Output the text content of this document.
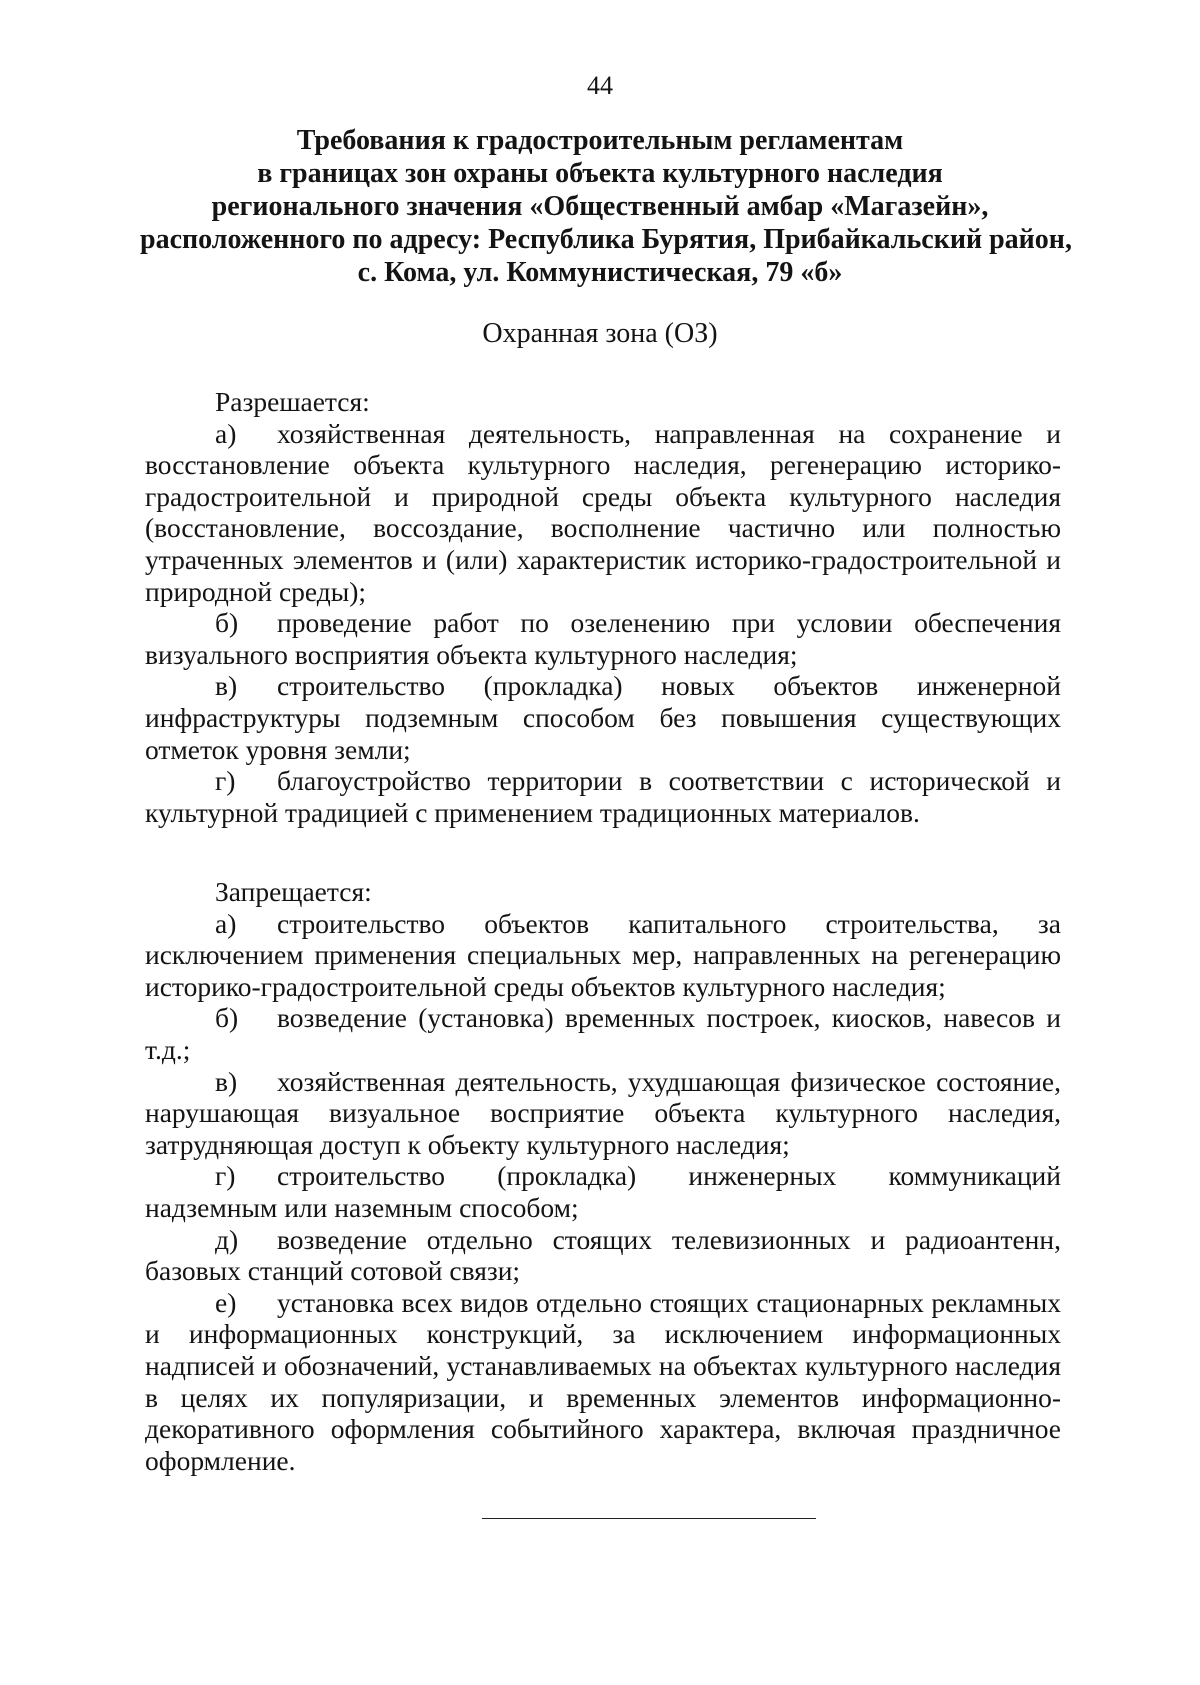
44
Требования к градостроительным регламентам
в границах зон охраны объекта культурного наследия
регионального значения «Общественный амбар «Магазейн»,
расположенного по адресу: Республика Бурятия, Прибайкальский район,
с. Кома, ул. Коммунистическая, 79 «б»
Охранная зона (ОЗ)
Разрешается:

а) хозяйственная деятельность, направленная на сохранение и восстановление объекта культурного наследия, регенерацию историко-градостроительной и природной среды объекта культурного наследия (восстановление, воссоздание, восполнение частично или полностью утраченных элементов и (или) характеристик историко-градостроительной и природной среды);

б) проведение работ по озеленению при условии обеспечения визуального восприятия объекта культурного наследия;

в) строительство (прокладка) новых объектов инженерной инфраструктуры подземным способом без повышения существующих отметок уровня земли;

г) благоустройство территории в соответствии с исторической и культурной традицией с применением традиционных материалов.

Запрещается:

а) строительство объектов капитального строительства, за исключением применения специальных мер, направленных на регенерацию историко-градостроительной среды объектов культурного наследия;

б) возведение (установка) временных построек, киосков, навесов и т.д.;

в) хозяйственная деятельность, ухудшающая физическое состояние, нарушающая визуальное восприятие объекта культурного наследия, затрудняющая доступ к объекту культурного наследия;

г) строительство (прокладка) инженерных коммуникаций надземным или наземным способом;

д) возведение отдельно стоящих телевизионных и радиоантенн, базовых станций сотовой связи;

е) установка всех видов отдельно стоящих стационарных рекламных и информационных конструкций, за исключением информационных надписей и обозначений, устанавливаемых на объектах культурного наследия в целях их популяризации, и временных элементов информационно-декоративного оформления событийного характера, включая праздничное оформление.
